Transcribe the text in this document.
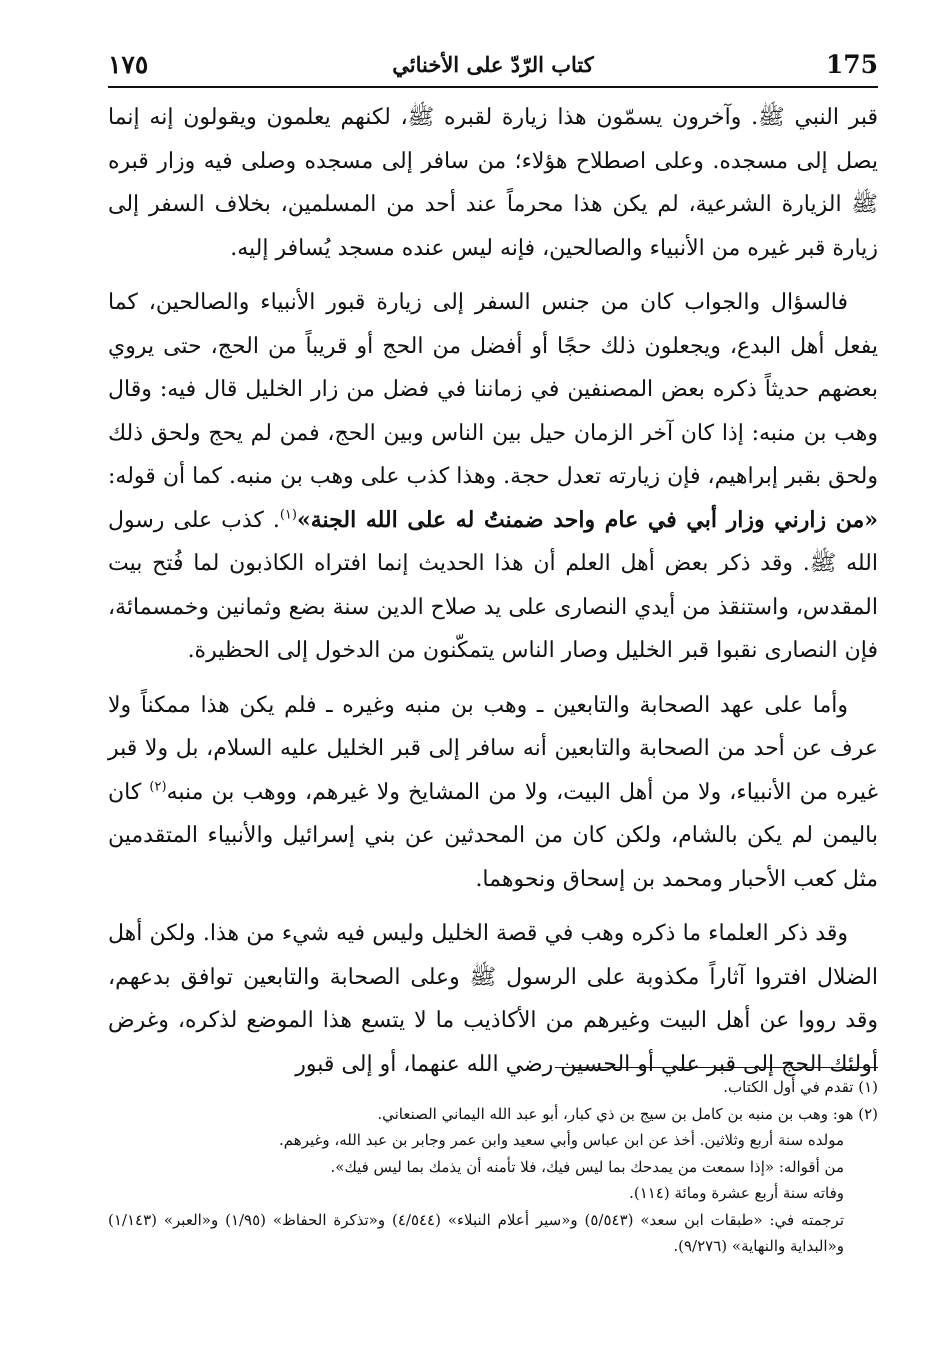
175
كتاب الرّدّ على الأخنائي
١٧٥

قبر النبي ﷺ. وآخرون يسمّون هذا زيارة لقبره ﷺ، لكنهم يعلمون ويقولون إنه إنما يصل إلى مسجده. وعلى اصطلاح هؤلاء؛ من سافر إلى مسجده وصلى فيه وزار قبره ﷺ الزيارة الشرعية، لم يكن هذا محرماً عند أحد من المسلمين، بخلاف السفر إلى زيارة قبر غيره من الأنبياء والصالحين، فإنه ليس عنده مسجد يُسافر إليه.

فالسؤال والجواب كان من جنس السفر إلى زيارة قبور الأنبياء والصالحين، كما يفعل أهل البدع، ويجعلون ذلك حجًا أو أفضل من الحج أو قريباً من الحج، حتى يروي بعضهم حديثاً ذكره بعض المصنفين في زماننا في فضل من زار الخليل قال فيه: وقال وهب بن منبه: إذا كان آخر الزمان حيل بين الناس وبين الحج، فمن لم يحج ولحق ذلك ولحق بقبر إبراهيم، فإن زيارته تعدل حجة. وهذا كذب على وهب بن منبه. كما أن قوله: «من زارني وزار أبي في عام واحد ضمنتُ له على الله الجنة»$^{(١)}$. كذب على رسول الله ﷺ. وقد ذكر بعض أهل العلم أن هذا الحديث إنما افتراه الكاذبون لما فُتح بيت المقدس، واستنقذ من أيدي النصارى على يد صلاح الدين سنة بضع وثمانين وخمسمائة، فإن النصارى نقبوا قبر الخليل وصار الناس يتمكّنون من الدخول إلى الحظيرة.

وأما على عهد الصحابة والتابعين ـ وهب بن منبه وغيره ـ فلم يكن هذا ممكناً ولا عرف عن أحد من الصحابة والتابعين أنه سافر إلى قبر الخليل عليه السلام، بل ولا قبر غيره من الأنبياء، ولا من أهل البيت، ولا من المشايخ ولا غيرهم، ووهب بن منبه$^{(٢)}$ كان باليمن لم يكن بالشام، ولكن كان من المحدثين عن بني إسرائيل والأنبياء المتقدمين مثل كعب الأحبار ومحمد بن إسحاق ونحوهما.

وقد ذكر العلماء ما ذكره وهب في قصة الخليل وليس فيه شيء من هذا. ولكن أهل الضلال افتروا آثاراً مكذوبة على الرسول ﷺ وعلى الصحابة والتابعين توافق بدعهم، وقد رووا عن أهل البيت وغيرهم من الأكاذيب ما لا يتسع هذا الموضع لذكره، وغرض أولئك الحج إلى قبر علي أو الحسين رضي الله عنهما، أو إلى قبور

(١) تقدم في أول الكتاب.

(٢) هو: وهب بن منبه بن كامل بن سيج بن ذي كبار، أبو عبد الله اليماني الصنعاني.

مولده سنة أربع وثلاثين. أخذ عن ابن عباس وأبي سعيد وابن عمر وجابر بن عبد الله، وغيرهم.

من أقواله: «إذا سمعت من يمدحك بما ليس فيك، فلا تأمنه أن يذمك بما ليس فيك».

وفاته سنة أربع عشرة ومائة (١١٤).

ترجمته في: «طبقات ابن سعد» (٥/٥٤٣) و«سير أعلام النبلاء» (٤/٥٤٤) و«تذكرة الحفاظ» (١/٩٥) و«العبر» (١/١٤٣) و«البداية والنهاية» (٩/٢٧٦).
